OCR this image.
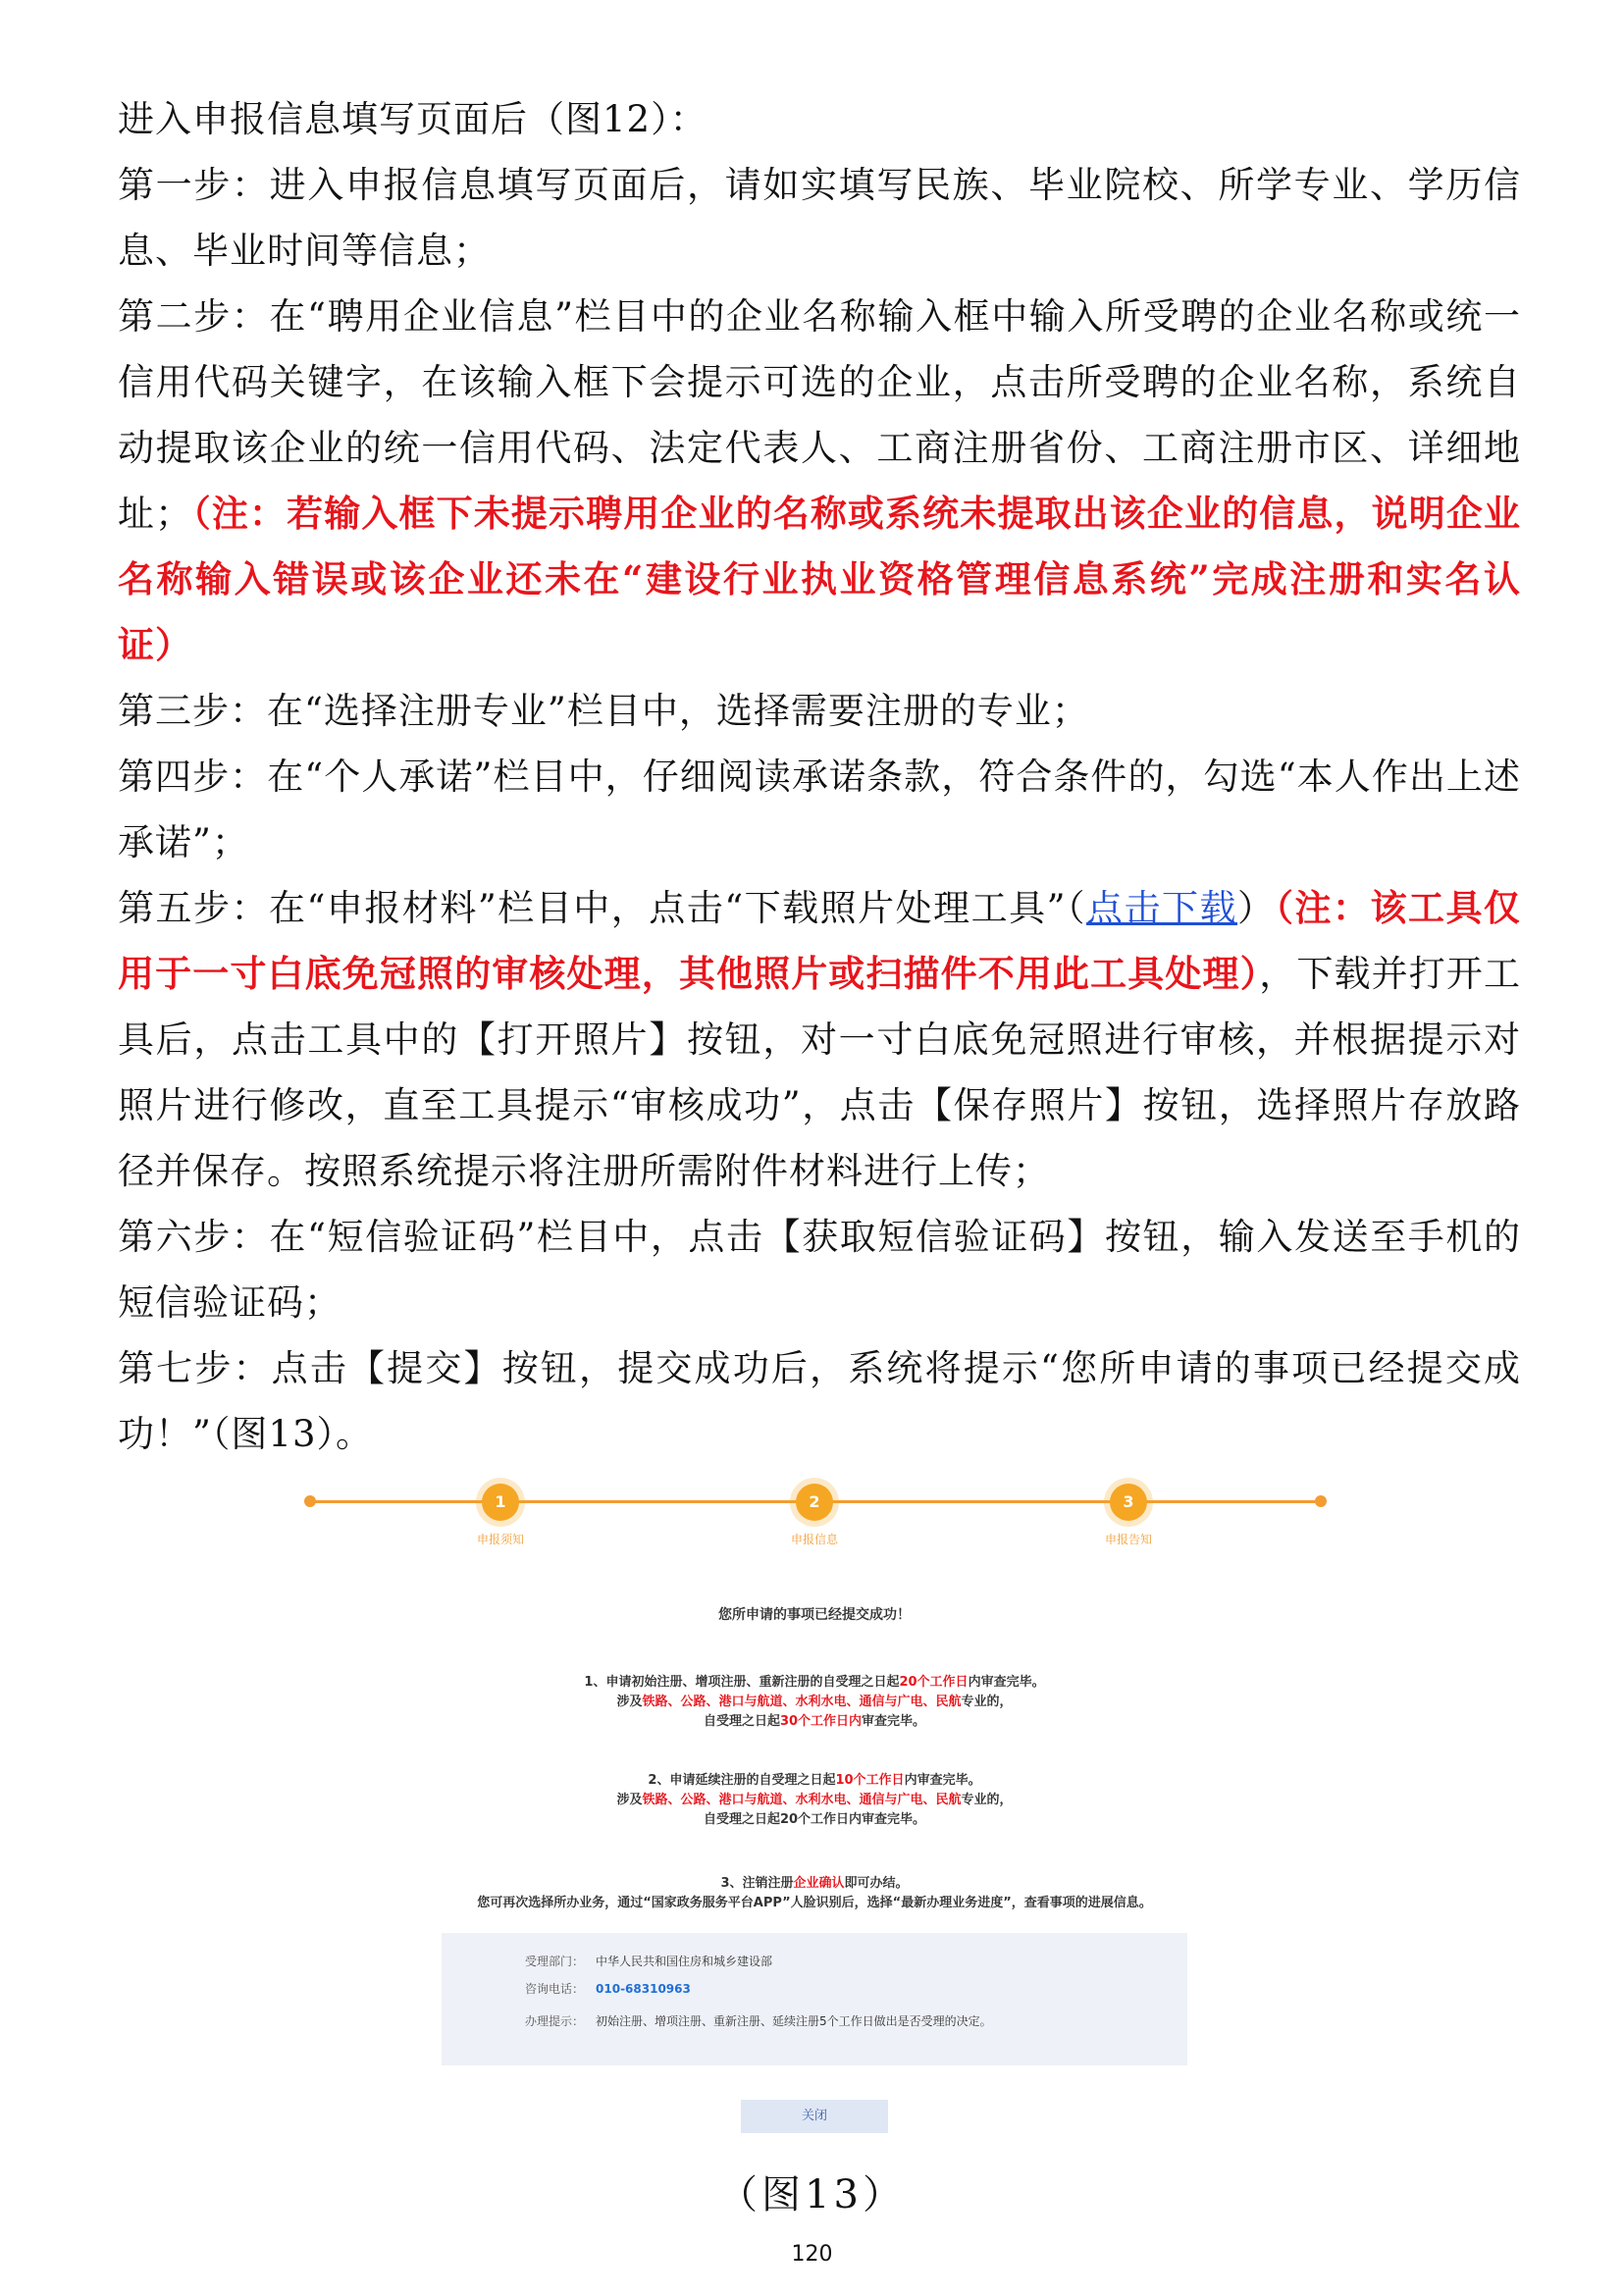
进入申报信息填写页面后（图12）：

第一步：进入申报信息填写页面后，请如实填写民族、毕业院校、所学专业、学历信息、毕业时间等信息；

第二步：在“聘用企业信息”栏目中的企业名称输入框中输入所受聘的企业名称或统一信用代码关键字，在该输入框下会提示可选的企业，点击所受聘的企业名称，系统自动提取该企业的统一信用代码、法定代表人、工商注册省份、工商注册市区、详细地址；（注：若输入框下未提示聘用企业的名称或系统未提取出该企业的信息，说明企业名称输入错误或该企业还未在“建设行业执业资格管理信息系统”完成注册和实名认证）

第三步：在“选择注册专业”栏目中，选择需要注册的专业；

第四步：在“个人承诺”栏目中，仔细阅读承诺条款，符合条件的，勾选“本人作出上述承诺”；

第五步：在“申报材料”栏目中，点击“下载照片处理工具”（点击下载）（注：该工具仅用于一寸白底免冠照的审核处理，其他照片或扫描件不用此工具处理），下载并打开工具后，点击工具中的【打开照片】按钮，对一寸白底免冠照进行审核，并根据提示对照片进行修改，直至工具提示“审核成功”，点击【保存照片】按钮，选择照片存放路径并保存。按照系统提示将注册所需附件材料进行上传；

第六步：在“短信验证码”栏目中，点击【获取短信验证码】按钮，输入发送至手机的短信验证码；

第七步：点击【提交】按钮，提交成功后，系统将提示“您所申请的事项已经提交成功！”（图13）。

1
申报须知
2
申报信息
3
申报告知
您所申请的事项已经提交成功！
1、申请初始注册、增项注册、重新注册的自受理之日起20个工作日内审查完毕。
涉及铁路、公路、港口与航道、水利水电、通信与广电、民航专业的，
自受理之日起30个工作日内审查完毕。
2、申请延续注册的自受理之日起10个工作日内审查完毕。
涉及铁路、公路、港口与航道、水利水电、通信与广电、民航专业的，
自受理之日起20个工作日内审查完毕。
3、注销注册企业确认即可办结。
您可再次选择所办业务，通过“国家政务服务平台APP”人脸识别后，选择“最新办理业务进度”，查看事项的进展信息。
受理部门： 中华人民共和国住房和城乡建设部
咨询电话： 010-68310963
办理提示： 初始注册、增项注册、重新注册、延续注册5个工作日做出是否受理的决定。
关闭
（图13）
120
